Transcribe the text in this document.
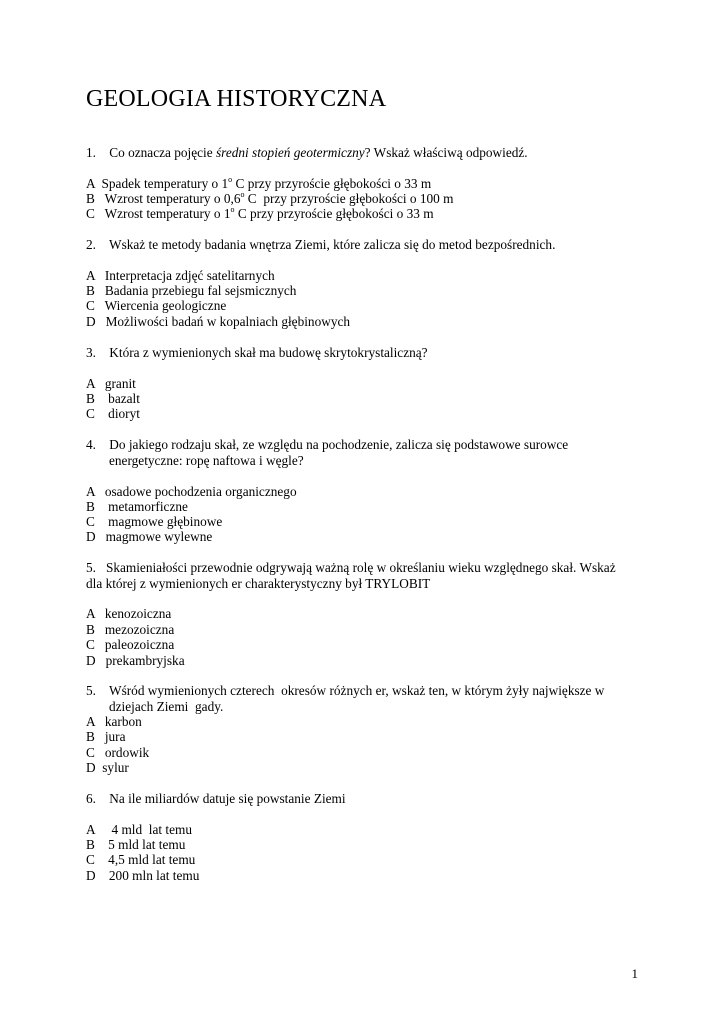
GEOLOGIA HISTORYCZNA
1.    Co oznacza pojęcie średni stopień geotermiczny? Wskaż właściwą odpowiedź.
A  Spadek temperatury o 1$^o$ C przy przyroście głębokości o 33 m
B   Wzrost temperatury o 0,6$^o$ C  przy przyroście głębokości o 100 m
C   Wzrost temperatury o 1$^o$ C przy przyroście głębokości o 33 m
2.    Wskaż te metody badania wnętrza Ziemi, które zalicza się do metod bezpośrednich.
A   Interpretacja zdjęć satelitarnych
B   Badania przebiegu fal sejsmicznych
C   Wiercenia geologiczne
D   Możliwości badań w kopalniach głębinowych
3.    Która z wymienionych skał ma budowę skrytokrystaliczną?
A   granit
B    bazalt
C    dioryt
4.    Do jakiego rodzaju skał, ze względu na pochodzenie, zalicza się podstawowe surowce
energetyczne: ropę naftowa i węgle?
A   osadowe pochodzenia organicznego
B    metamorficzne
C    magmowe głębinowe
D   magmowe wylewne
5.   Skamieniałości przewodnie odgrywają ważną rolę w określaniu wieku względnego skał. Wskaż
dla której z wymienionych er charakterystyczny był TRYLOBIT
A   kenozoiczna
B   mezozoiczna
C   paleozoiczna
D   prekambryjska
5.    Wśród wymienionych czterech  okresów różnych er, wskaż ten, w którym żyły największe w
dziejach Ziemi  gady.
A   karbon
B   jura
C   ordowik
D  sylur
6.    Na ile miliardów datuje się powstanie Ziemi
A     4 mld  lat temu
B    5 mld lat temu
C    4,5 mld lat temu
D    200 mln lat temu
1
